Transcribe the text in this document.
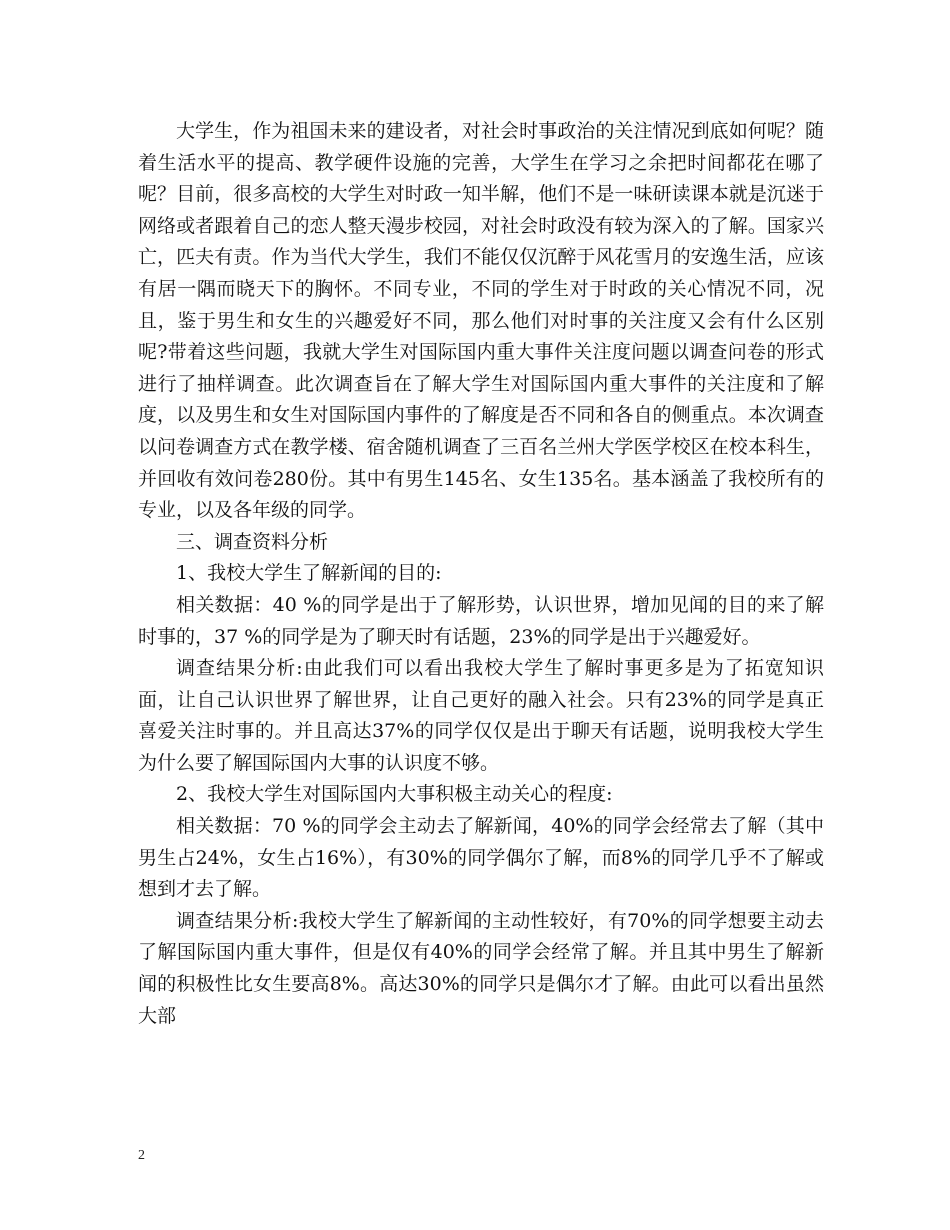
大学生，作为祖国未来的建设者，对社会时事政治的关注情况到底如何呢？随着生活水平的提高、教学硬件设施的完善，大学生在学习之余把时间都花在哪了呢？目前，很多高校的大学生对时政一知半解，他们不是一味研读课本就是沉迷于网络或者跟着自己的恋人整天漫步校园，对社会时政没有较为深入的了解。国家兴亡，匹夫有责。作为当代大学生，我们不能仅仅沉醉于风花雪月的安逸生活，应该有居一隅而晓天下的胸怀。不同专业，不同的学生对于时政的关心情况不同，况且，鉴于男生和女生的兴趣爱好不同，那么他们对时事的关注度又会有什么区别呢?带着这些问题，我就大学生对国际国内重大事件关注度问题以调查问卷的形式进行了抽样调查。此次调查旨在了解大学生对国际国内重大事件的关注度和了解度，以及男生和女生对国际国内事件的了解度是否不同和各自的侧重点。本次调查以问卷调查方式在教学楼、宿舍随机调查了三百名兰州大学医学校区在校本科生，并回收有效问卷280份。其中有男生145名、女生135名。基本涵盖了我校所有的专业，以及各年级的同学。

三、调查资料分析

1、我校大学生了解新闻的目的:

相关数据：40 %的同学是出于了解形势，认识世界，增加见闻的目的来了解时事的，37 %的同学是为了聊天时有话题，23%的同学是出于兴趣爱好。

调查结果分析:由此我们可以看出我校大学生了解时事更多是为了拓宽知识面，让自己认识世界了解世界，让自己更好的融入社会。只有23%的同学是真正喜爱关注时事的。并且高达37%的同学仅仅是出于聊天有话题，说明我校大学生为什么要了解国际国内大事的认识度不够。

2、我校大学生对国际国内大事积极主动关心的程度:

相关数据：70 %的同学会主动去了解新闻，40%的同学会经常去了解（其中男生占24%，女生占16%），有30%的同学偶尔了解，而8%的同学几乎不了解或想到才去了解。

调查结果分析:我校大学生了解新闻的主动性较好，有70%的同学想要主动去了解国际国内重大事件，但是仅有40%的同学会经常了解。并且其中男生了解新闻的积极性比女生要高8%。高达30%的同学只是偶尔才了解。由此可以看出虽然大部

2
